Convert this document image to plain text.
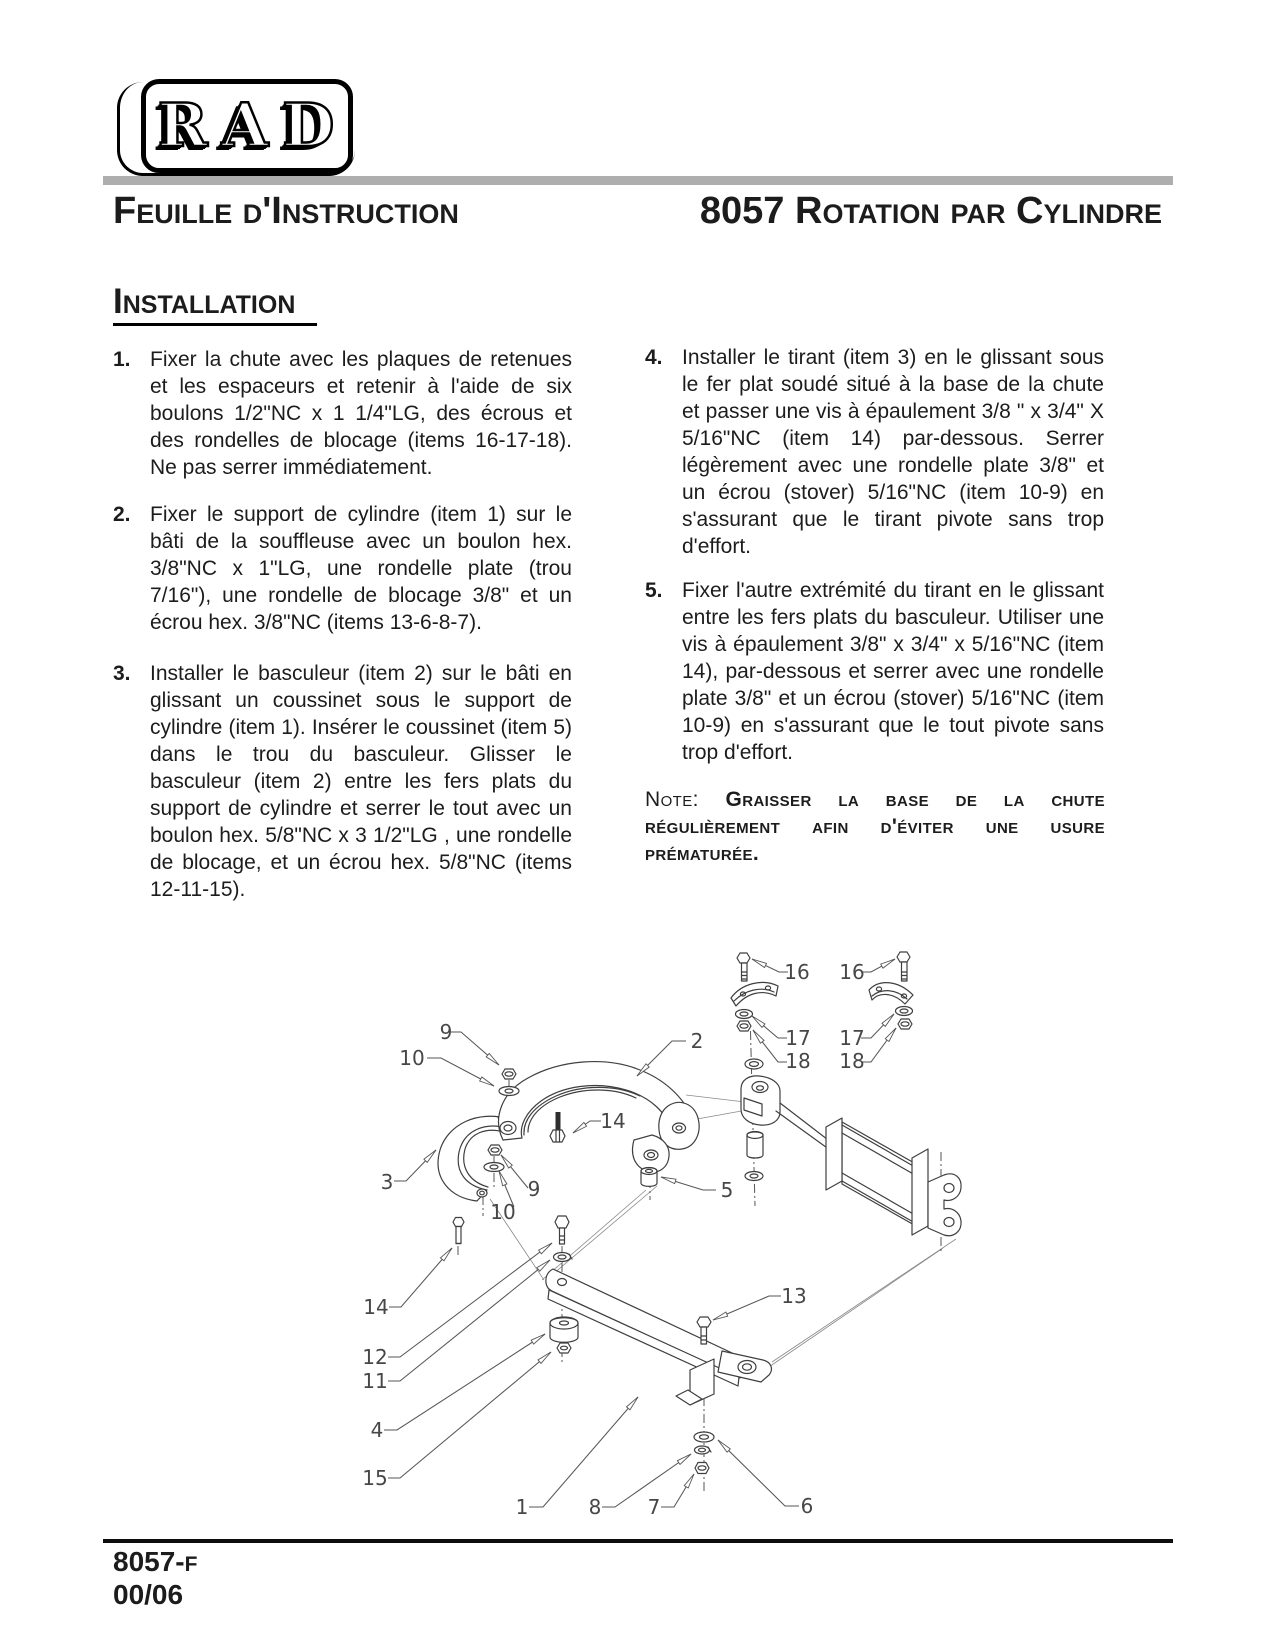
RAD
Feuille d'Instruction	8057 Rotation par Cylindre
Installation
1. Fixer la chute avec les plaques de retenues et les espaceurs et retenir à l'aide de six boulons 1/2"NC x 1 1/4"LG, des écrous et des rondelles de blocage (items 16-17-18). Ne pas serrer immédiatement.
2. Fixer le support de cylindre (item 1) sur le bâti de la souffleuse avec un boulon hex. 3/8"NC x 1"LG, une rondelle plate (trou 7/16"), une rondelle de blocage 3/8" et un écrou hex. 3/8"NC (items 13-6-8-7).
3. Installer le basculeur (item 2) sur le bâti en glissant un coussinet sous le support de cylindre (item 1). Insérer le coussinet (item 5) dans le trou du basculeur. Glisser le basculeur (item 2) entre les fers plats du support de cylindre et serrer le tout avec un boulon hex. 5/8"NC x 3 1/2"LG , une rondelle de blocage, et un écrou hex. 5/8"NC (items 12-11-15).
4. Installer le tirant (item 3) en le glissant sous le fer plat soudé situé à la base de la chute et passer une vis à épaulement 3/8 " x 3/4" X 5/16"NC (item 14) par-dessous. Serrer légèrement avec une rondelle plate 3/8" et un écrou (stover) 5/16"NC (item 10-9) en s'assurant que le tirant pivote sans trop d'effort.
5. Fixer l'autre extrémité du tirant en le glissant entre les fers plats du basculeur. Utiliser une vis à épaulement 3/8" x 3/4" x 5/16"NC (item 14), par-dessous et serrer avec une rondelle plate 3/8" et un écrou (stover) 5/16"NC (item 10-9) en s'assurant que le tout pivote sans trop d'effort.
Note: Graisser la base de la chute régulièrement afin d'éviter une usure prématurée.
9
10
2
14
3	9
10
5
16
17
18
16
17
18
13
14
12
11
4
15
1	8 7	6
8057-F
00/06
